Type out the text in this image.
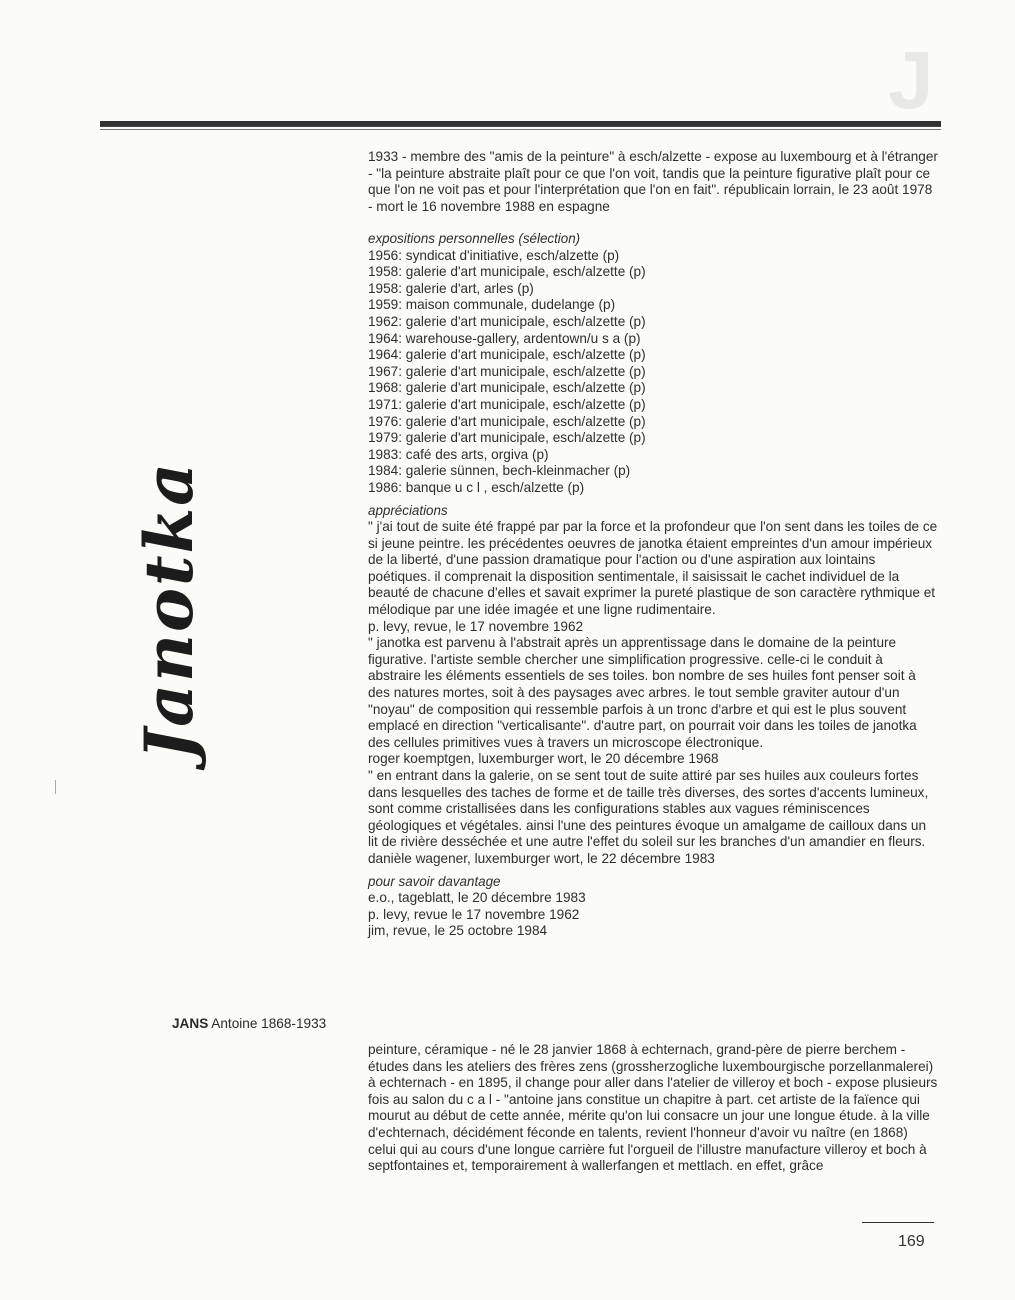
J
Janotka

1933 - membre des "amis de la peinture" à esch/alzette - expose au luxembourg et à l'étranger - "la peinture abstraite plaît pour ce que l'on voit, tandis que la peinture figurative plaît pour ce que l'on ne voit pas et pour l'interprétation que l'on en fait". républicain lorrain, le 23 août 1978 - mort le 16 novembre 1988 en espagne

expositions personnelles (sélection)

1956: syndicat d'initiative, esch/alzette (p)

1958: galerie d'art municipale, esch/alzette (p)

1958: galerie d'art, arles (p)

1959: maison communale, dudelange (p)

1962: galerie d'art municipale, esch/alzette (p)

1964: warehouse-gallery, ardentown/u s a (p)

1964: galerie d'art municipale, esch/alzette (p)

1967: galerie d'art municipale, esch/alzette (p)

1968: galerie d'art municipale, esch/alzette (p)

1971: galerie d'art municipale, esch/alzette (p)

1976: galerie d'art municipale, esch/alzette (p)

1979: galerie d'art municipale, esch/alzette (p)

1983: café des arts, orgiva (p)

1984: galerie sünnen, bech-kleinmacher (p)

1986: banque u c l , esch/alzette (p)

appréciations

" j'ai tout de suite été frappé par par la force et la profondeur que l'on sent dans les toiles de ce si jeune peintre. les précédentes oeuvres de janotka étaient empreintes d'un amour impérieux de la liberté, d'une passion dramatique pour l'action ou d'une aspiration aux lointains poétiques. il comprenait la disposition sentimentale, il saisissait le cachet individuel de la beauté de chacune d'elles et savait exprimer la pureté plastique de son caractère rythmique et mélodique par une idée imagée et une ligne rudimentaire.

p. levy, revue, le 17 novembre 1962

" janotka est parvenu à l'abstrait après un apprentissage dans le domaine de la peinture figurative. l'artiste semble chercher une simplification progressive. celle-ci le conduit à abstraire les éléments essentiels de ses toiles. bon nombre de ses huiles font penser soit à des natures mortes, soit à des paysages avec arbres. le tout semble graviter autour d'un "noyau" de composition qui ressemble parfois à un tronc d'arbre et qui est le plus souvent emplacé en direction "verticalisante". d'autre part, on pourrait voir dans les toiles de janotka des cellules primitives vues à travers un microscope électronique.

roger koemptgen, luxemburger wort, le 20 décembre 1968

" en entrant dans la galerie, on se sent tout de suite attiré par ses huiles aux couleurs fortes dans lesquelles des taches de forme et de taille très diverses, des sortes d'accents lumineux, sont comme cristallisées dans les configurations stables aux vagues réminiscences géologiques et végétales. ainsi l'une des peintures évoque un amalgame de cailloux dans un lit de rivière desséchée et une autre l'effet du soleil sur les branches d'un amandier en fleurs.

danièle wagener, luxemburger wort, le 22 décembre 1983

pour savoir davantage

e.o., tageblatt, le 20 décembre 1983

p. levy, revue le 17 novembre 1962

jim, revue, le 25 octobre 1984

JANS Antoine 1868-1933

peinture, céramique - né le 28 janvier 1868 à echternach, grand-père de pierre berchem - études dans les ateliers des frères zens (grossherzogliche luxembourgische porzellanmalerei) à echternach - en 1895, il change pour aller dans l'atelier de villeroy et boch - expose plusieurs fois au salon du c a l - "antoine jans constitue un chapitre à part. cet artiste de la faïence qui mourut au début de cette année, mérite qu'on lui consacre un jour une longue étude. à la ville d'echternach, décidément féconde en talents, revient l'honneur d'avoir vu naître (en 1868) celui qui au cours d'une longue carrière fut l'orgueil de l'illustre manufacture villeroy et boch à septfontaines et, temporairement à wallerfangen et mettlach. en effet, grâce

169
